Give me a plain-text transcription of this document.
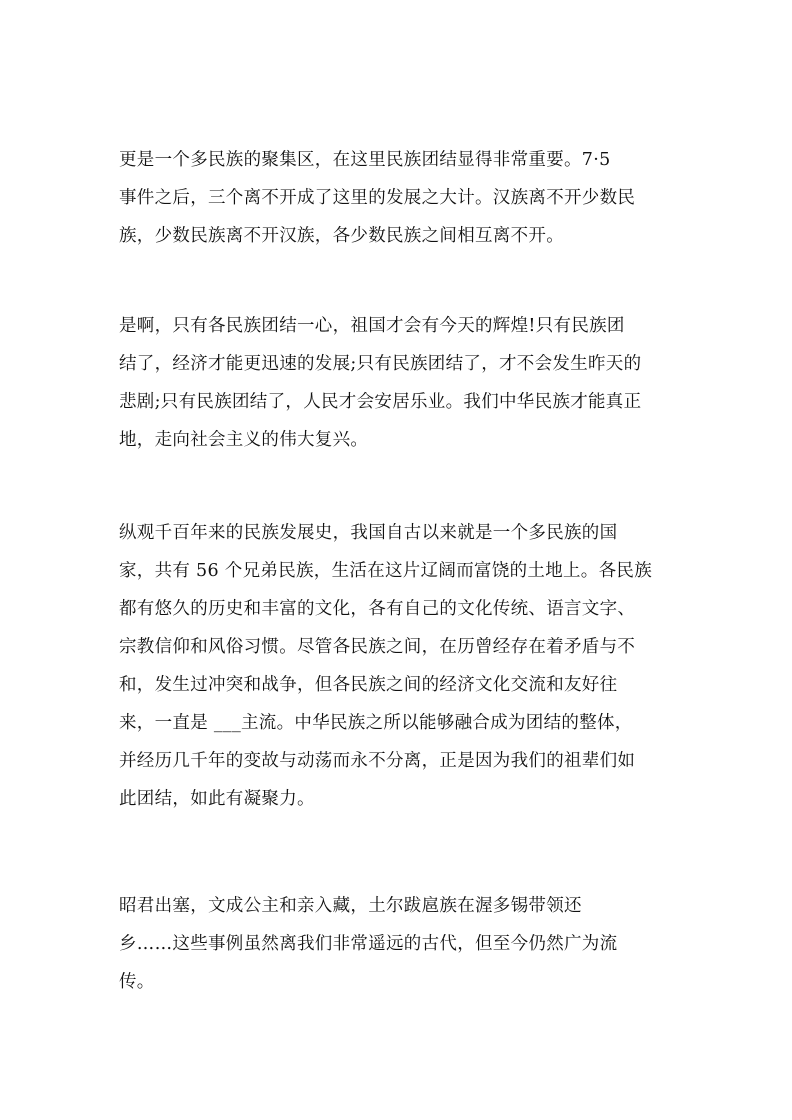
更是一个多民族的聚集区，在这里民族团结显得非常重要。7·5
事件之后，三个离不开成了这里的发展之大计。汉族离不开少数民
族，少数民族离不开汉族，各少数民族之间相互离不开。
是啊，只有各民族团结一心，祖国才会有今天的辉煌!只有民族团
结了，经济才能更迅速的发展;只有民族团结了，才不会发生昨天的
悲剧;只有民族团结了，人民才会安居乐业。我们中华民族才能真正
地，走向社会主义的伟大复兴。
纵观千百年来的民族发展史，我国自古以来就是一个多民族的国
家，共有 56 个兄弟民族，生活在这片辽阔而富饶的土地上。各民族
都有悠久的历史和丰富的文化，各有自己的文化传统、语言文字、
宗教信仰和风俗习惯。尽管各民族之间，在历曾经存在着矛盾与不
和，发生过冲突和战争，但各民族之间的经济文化交流和友好往
来，一直是 ___主流。中华民族之所以能够融合成为团结的整体，
并经历几千年的变故与动荡而永不分离，正是因为我们的祖辈们如
此团结，如此有凝聚力。
昭君出塞，文成公主和亲入藏，土尔跋扈族在渥多锡带领还
乡……这些事例虽然离我们非常遥远的古代，但至今仍然广为流
传。
